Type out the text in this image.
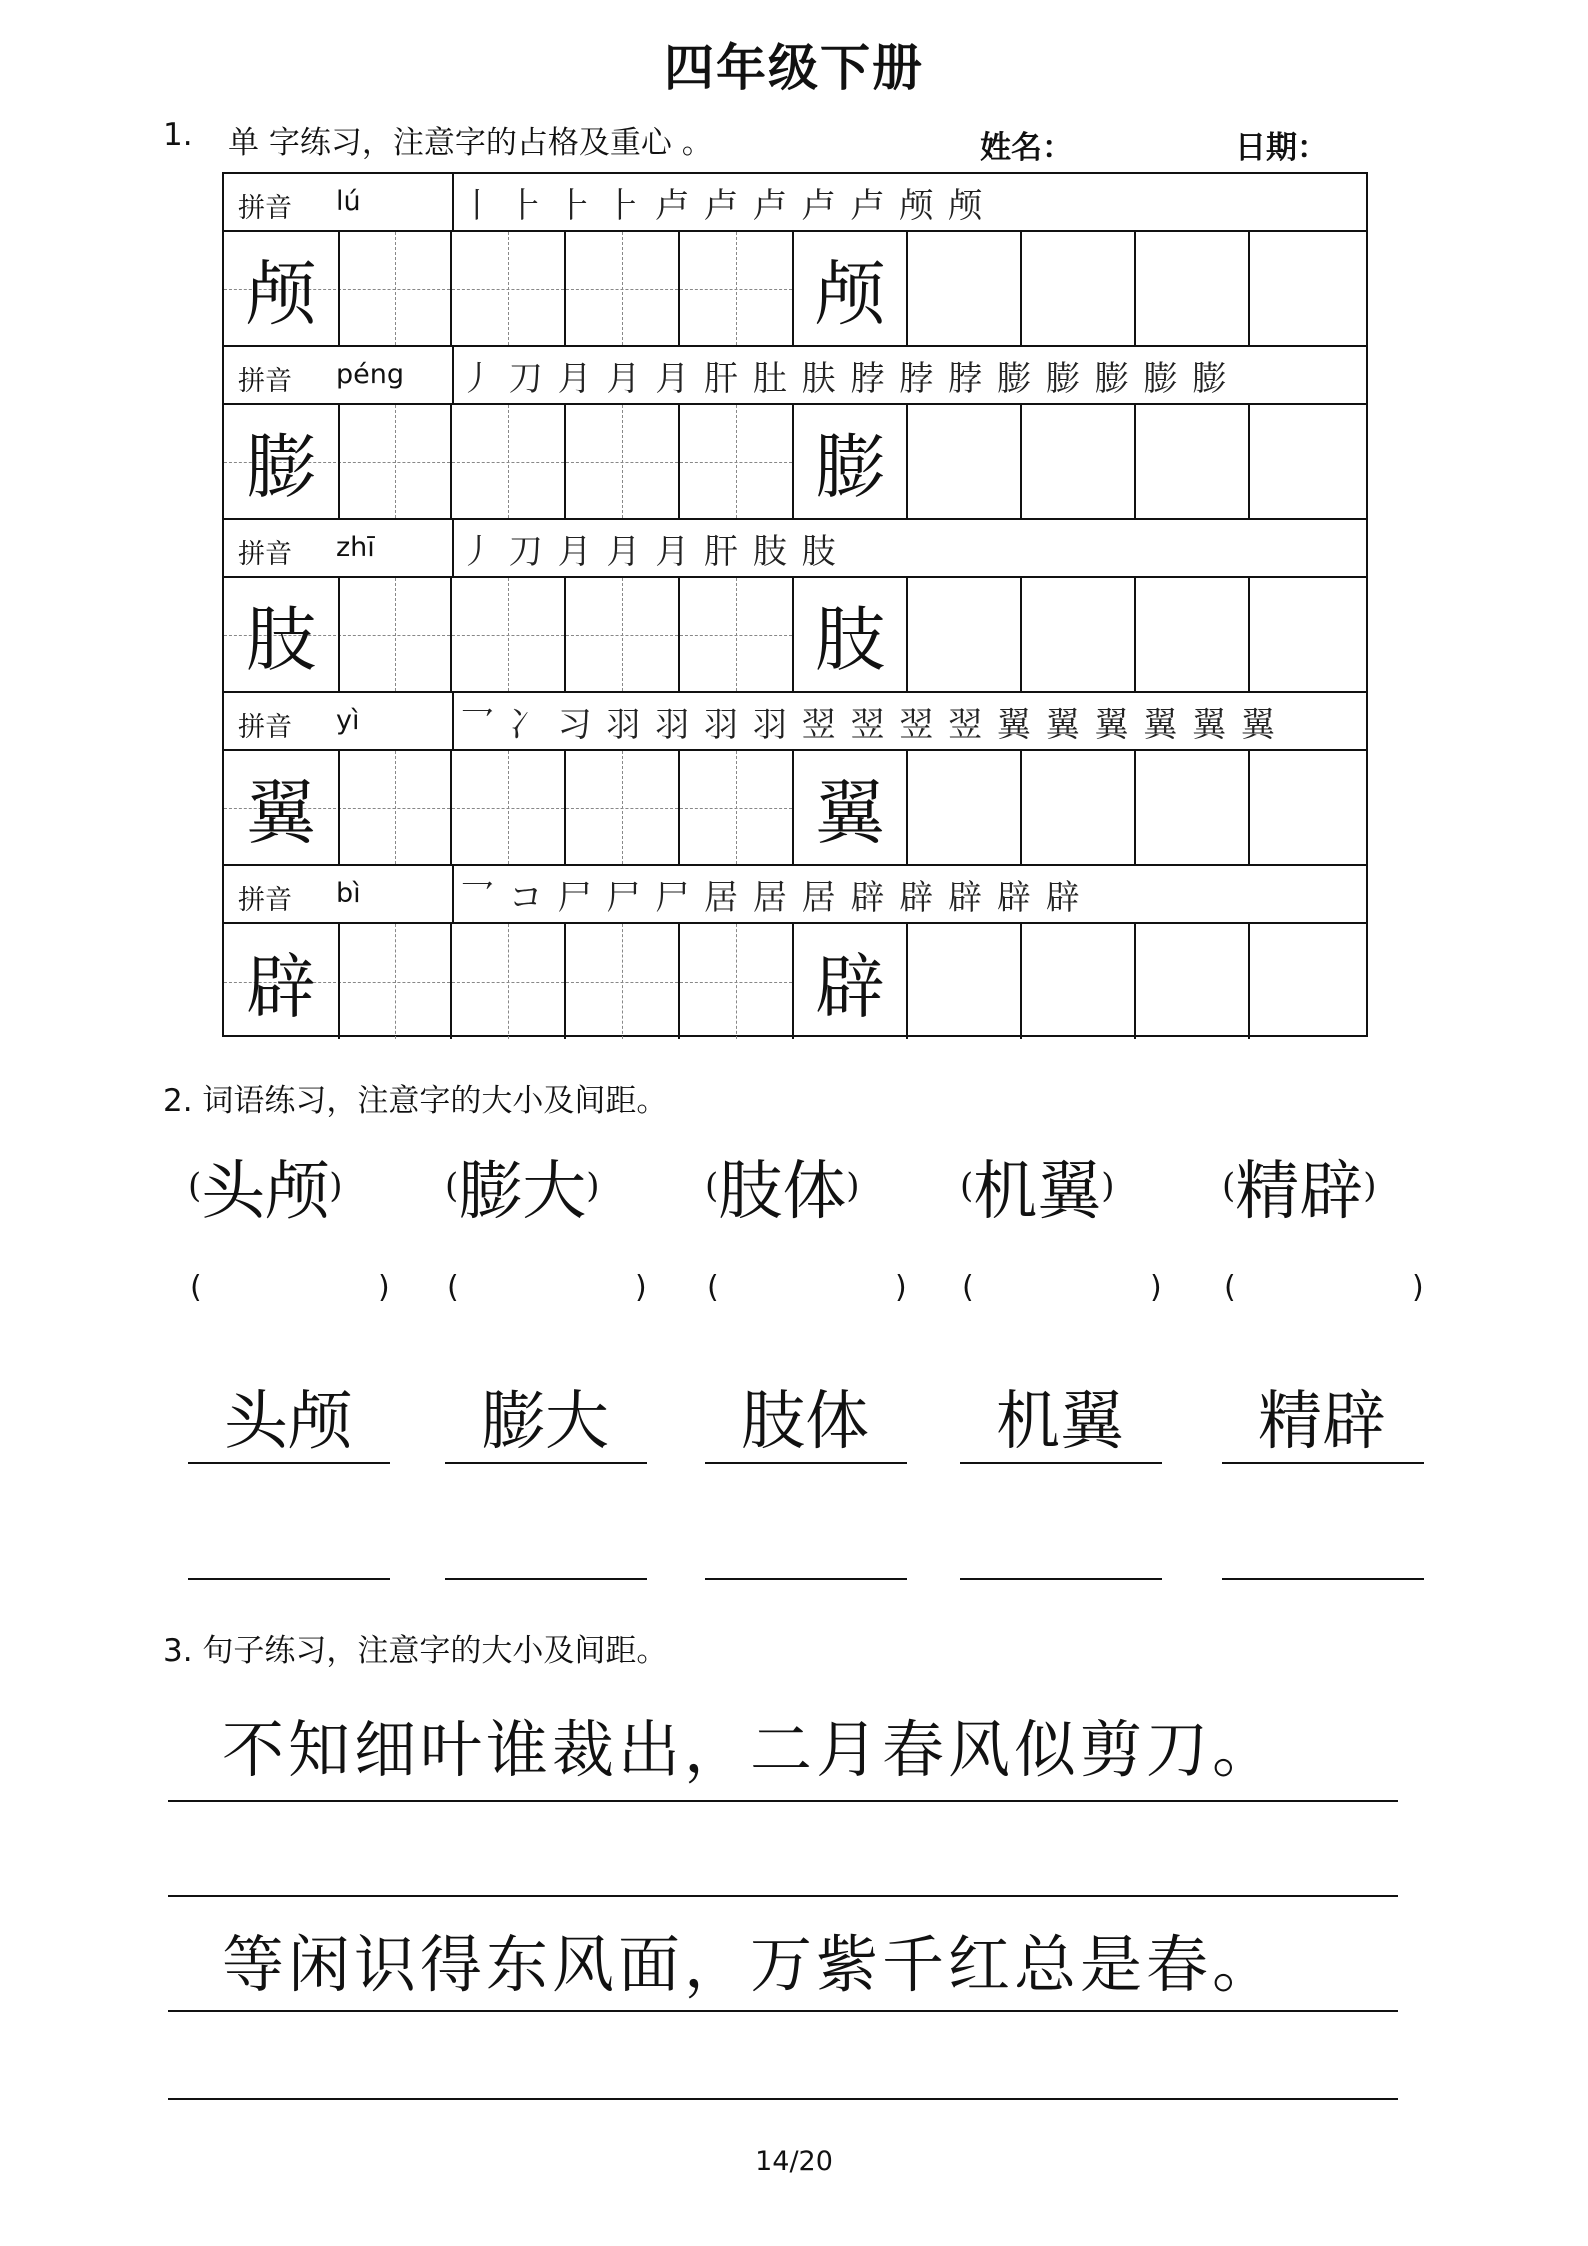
四年级下册
1. 单 字练习，注意字的占格及重心 。	姓名：	日期：
拼音 lú	丨 ⺊ ⺊ ⺊ 卢 卢 卢 卢 卢 颅 颅
颅	颅
拼音 péng 丿 刀 月 月 月 肝 肚 肤 脖 脖 脖 膨 膨 膨 膨 膨
膨	膨
拼音 zhī	丿 刀 月 月 月 肝 肢 肢
肢	肢
拼音 yì	乛 冫 习 羽 羽 羽 羽 翌 翌 翌 翌 翼 翼 翼 翼 翼 翼
翼	翼
拼音 bì	乛 コ 尸 尸 尸 居 居 居 辟 辟 辟 辟 辟
辟	辟
2. 词语练习，注意字的大小及间距。
(头颅)
(	)
头颅
(膨大)
(	)
膨大
(肢体)
(	)
肢体
(机翼)
(	)
机翼
(精辟)
(	)
精辟
3. 句子练习，注意字的大小及间距。
不知细叶谁裁出，二月春风似剪刀。
等闲识得东风面，万紫千红总是春。
14/20
